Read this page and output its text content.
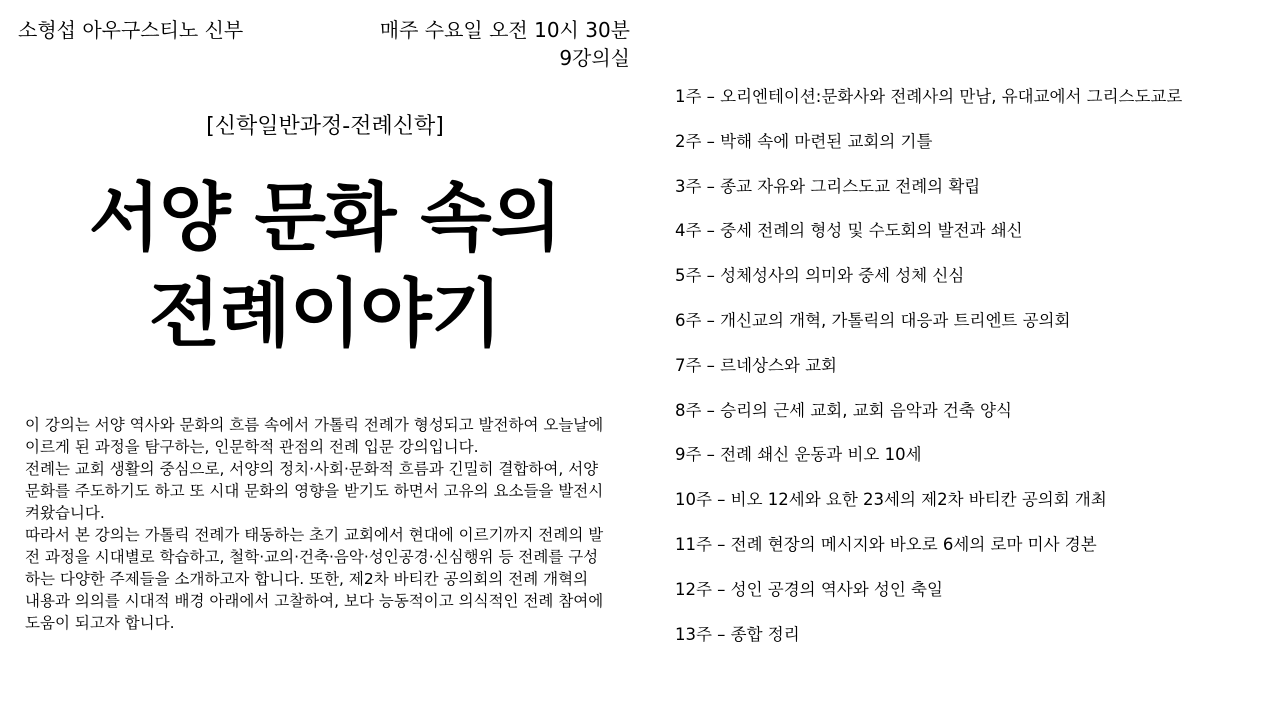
소형섭 아우구스티노 신부	매주 수요일 오전 10시 30분
9강의실
[신학일반과정-전례신학]
서양 문화 속의
전례이야기

이 강의는 서양 역사와 문화의 흐름 속에서 가톨릭 전례가 형성되고 발전하여 오늘날에 이르게 된 과정을 탐구하는, 인문학적 관점의 전례 입문 강의입니다.

전례는 교회 생활의 중심으로, 서양의 정치·사회·문화적 흐름과 긴밀히 결합하여, 서양 문화를 주도하기도 하고 또 시대 문화의 영향을 받기도 하면서 고유의 요소들을 발전시켜왔습니다.

따라서 본 강의는 가톨릭 전례가 태동하는 초기 교회에서 현대에 이르기까지 전례의 발전 과정을 시대별로 학습하고, 철학·교의·건축·음악·성인공경·신심행위 등 전례를 구성하는 다양한 주제들을 소개하고자 합니다. 또한, 제2차 바티칸 공의회의 전례 개혁의 내용과 의의를 시대적 배경 아래에서 고찰하여, 보다 능동적이고 의식적인 전례 참여에 도움이 되고자 합니다.

1주 – 오리엔테이션:문화사와 전례사의 만남, 유대교에서 그리스도교로
2주 – 박해 속에 마련된 교회의 기틀
3주 – 종교 자유와 그리스도교 전례의 확립
4주 – 중세 전례의 형성 및 수도회의 발전과 쇄신
5주 – 성체성사의 의미와 중세 성체 신심
6주 – 개신교의 개혁, 가톨릭의 대응과 트리엔트 공의회
7주 – 르네상스와 교회
8주 – 승리의 근세 교회, 교회 음악과 건축 양식
9주 – 전례 쇄신 운동과 비오 10세
10주 – 비오 12세와 요한 23세의 제2차 바티칸 공의회 개최
11주 – 전례 현장의 메시지와 바오로 6세의 로마 미사 경본
12주 – 성인 공경의 역사와 성인 축일
13주 – 종합 정리
